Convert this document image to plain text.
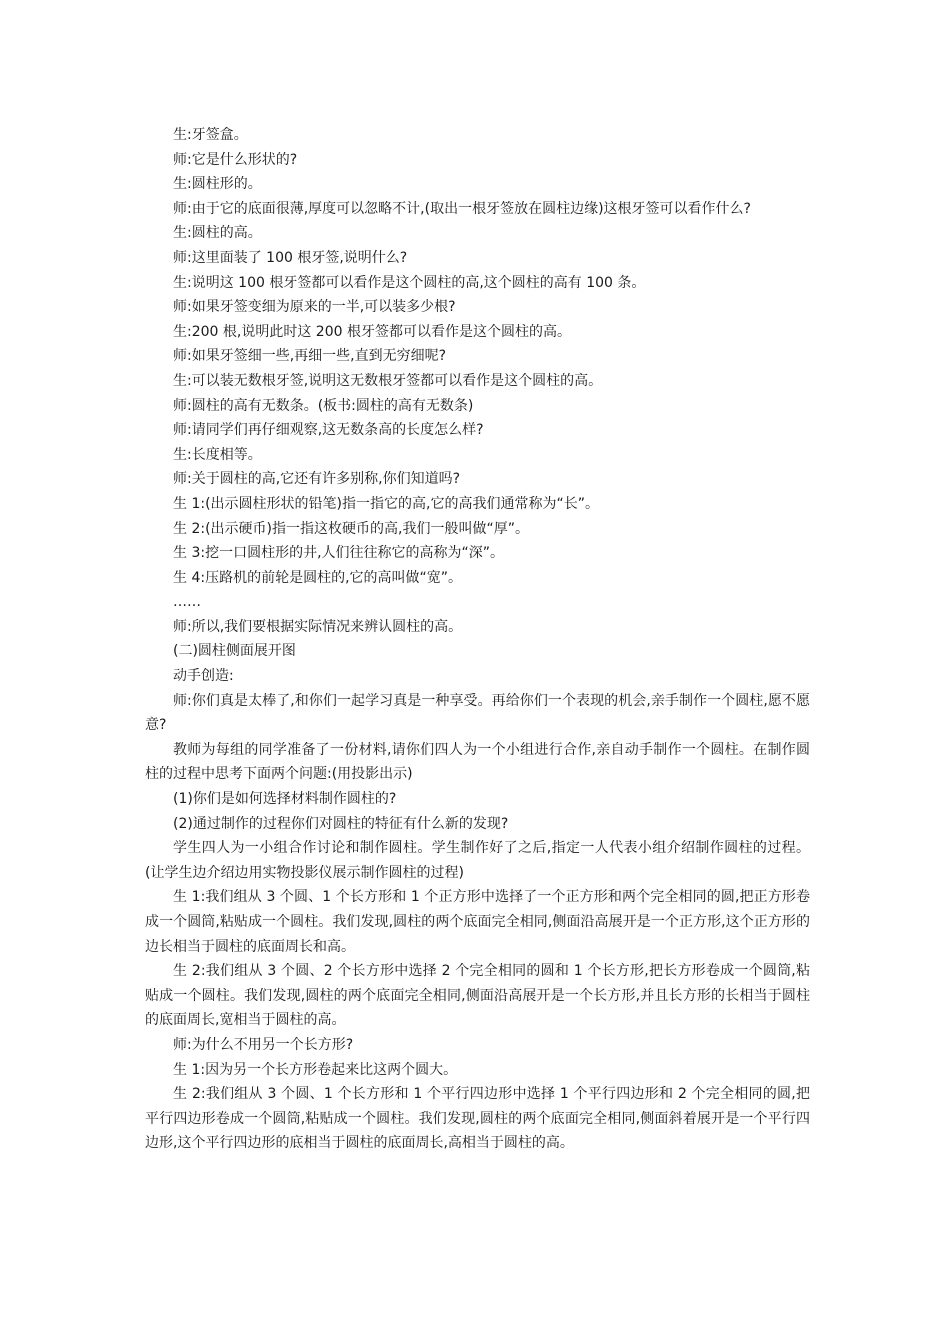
生:牙签盒。

师:它是什么形状的?

生:圆柱形的。

师:由于它的底面很薄,厚度可以忽略不计,(取出一根牙签放在圆柱边缘)这根牙签可以看作什么?

生:圆柱的高。

师:这里面装了 100 根牙签,说明什么?

生:说明这 100 根牙签都可以看作是这个圆柱的高,这个圆柱的高有 100 条。

师:如果牙签变细为原来的一半,可以装多少根?

生:200 根,说明此时这 200 根牙签都可以看作是这个圆柱的高。

师:如果牙签细一些,再细一些,直到无穷细呢?

生:可以装无数根牙签,说明这无数根牙签都可以看作是这个圆柱的高。

师:圆柱的高有无数条。(板书:圆柱的高有无数条)

师:请同学们再仔细观察,这无数条高的长度怎么样?

生:长度相等。

师:关于圆柱的高,它还有许多别称,你们知道吗?

生 1:(出示圆柱形状的铅笔)指一指它的高,它的高我们通常称为“长”。

生 2:(出示硬币)指一指这枚硬币的高,我们一般叫做“厚”。

生 3:挖一口圆柱形的井,人们往往称它的高称为“深”。

生 4:压路机的前轮是圆柱的,它的高叫做“宽”。

……

师:所以,我们要根据实际情况来辨认圆柱的高。

(二)圆柱侧面展开图

动手创造:

师:你们真是太棒了,和你们一起学习真是一种享受。再给你们一个表现的机会,亲手制作一个圆柱,愿不愿意?

教师为每组的同学准备了一份材料,请你们四人为一个小组进行合作,亲自动手制作一个圆柱。在制作圆柱的过程中思考下面两个问题:(用投影出示)

(1)你们是如何选择材料制作圆柱的?

(2)通过制作的过程你们对圆柱的特征有什么新的发现?

学生四人为一小组合作讨论和制作圆柱。学生制作好了之后,指定一人代表小组介绍制作圆柱的过程。(让学生边介绍边用实物投影仪展示制作圆柱的过程)

生 1:我们组从 3 个圆、1 个长方形和 1 个正方形中选择了一个正方形和两个完全相同的圆,把正方形卷成一个圆筒,粘贴成一个圆柱。我们发现,圆柱的两个底面完全相同,侧面沿高展开是一个正方形,这个正方形的边长相当于圆柱的底面周长和高。

生 2:我们组从 3 个圆、2 个长方形中选择 2 个完全相同的圆和 1 个长方形,把长方形卷成一个圆筒,粘贴成一个圆柱。我们发现,圆柱的两个底面完全相同,侧面沿高展开是一个长方形,并且长方形的长相当于圆柱的底面周长,宽相当于圆柱的高。

师:为什么不用另一个长方形?

生 1:因为另一个长方形卷起来比这两个圆大。

生 2:我们组从 3 个圆、1 个长方形和 1 个平行四边形中选择 1 个平行四边形和 2 个完全相同的圆,把平行四边形卷成一个圆筒,粘贴成一个圆柱。我们发现,圆柱的两个底面完全相同,侧面斜着展开是一个平行四边形,这个平行四边形的底相当于圆柱的底面周长,高相当于圆柱的高。
